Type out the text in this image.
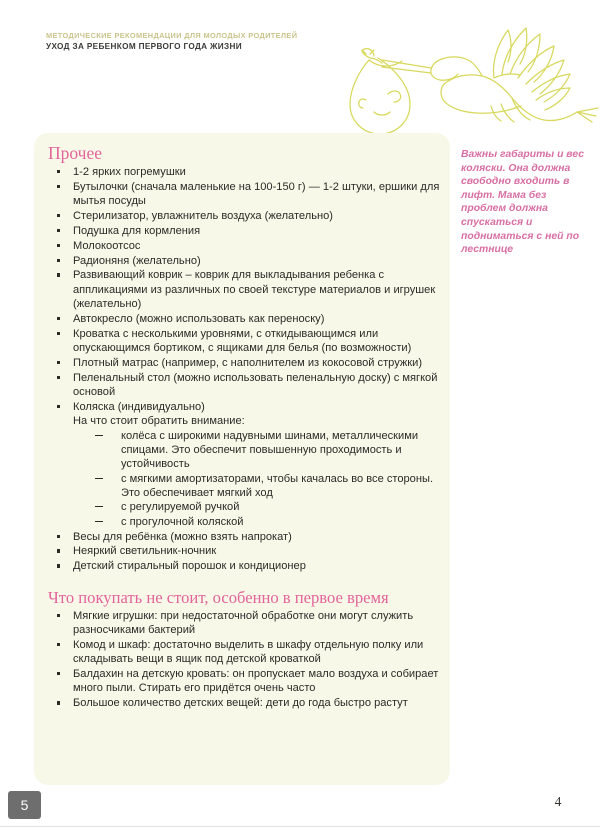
МЕТОДИЧЕСКИЕ РЕКОМЕНДАЦИИ ДЛЯ МОЛОДЫХ РОДИТЕЛЕЙ
УХОД ЗА РЕБЕНКОМ ПЕРВОГО ГОДА ЖИЗНИ
Прочее
1-2 ярких погремушки
Бутылочки (сначала маленькие на 100-150 г) — 1-2 штуки, ершики для мытья посуды
Стерилизатор, увлажнитель воздуха (желательно)
Подушка для кормления
Молокоотсос
Радионяня (желательно)
Развивающий коврик – коврик для выкладывания ребенка с аппликациями из различных по своей текстуре материалов и игрушек (желательно)
Автокресло (можно использовать как переноску)
Кроватка с несколькими уровнями, с откидывающимся или опускающимся бортиком, с ящиками для белья (по возможности)
Плотный матрас (например, с наполнителем из кокосовой стружки)
Пеленальный стол (можно использовать пеленальную доску) с мягкой основой
Коляска (индивидуально)
На что стоит обратить внимание:
колёса с широкими надувными шинами, металлическими спицами. Это обеспечит повышенную проходимость и устойчивость
с мягкими амортизаторами, чтобы качалась во все стороны. Это обеспечивает мягкий ход
с регулируемой ручкой
с прогулочной коляской
Весы для ребёнка (можно взять напрокат)
Неяркий светильник-ночник
Детский стиральный порошок и кондиционер
Что покупать не стоит, особенно в первое время
Мягкие игрушки: при недостаточной обработке они могут служить разносчиками бактерий
Комод и шкаф: достаточно выделить в шкафу отдельную полку или складывать вещи в ящик под детской кроваткой
Балдахин на детскую кровать: он пропускает мало воздуха и собирает много пыли. Стирать его придётся очень часто
Большое количество детских вещей: дети до года быстро растут
Важны габариты и вес коляски. Она должна свободно входить в лифт. Мама без проблем должна спускаться и подниматься с ней по лестнице
5	4
